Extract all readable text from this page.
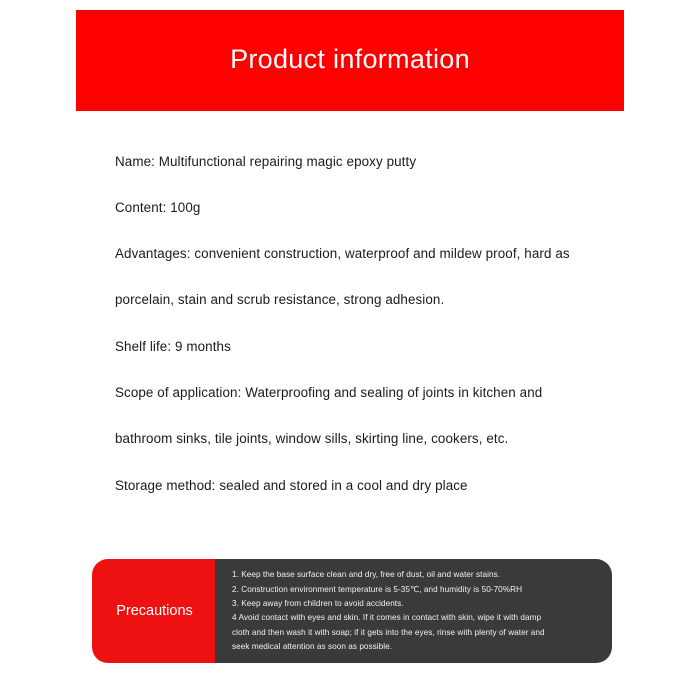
Product information
Name: Multifunctional repairing magic epoxy putty
Content: 100g
Advantages: convenient construction, waterproof and mildew proof, hard as
porcelain, stain and scrub resistance, strong adhesion.
Shelf life: 9 months
Scope of application: Waterproofing and sealing of joints in kitchen and
bathroom sinks, tile joints, window sills, skirting line, cookers, etc.
Storage method: sealed and stored in a cool and dry place
Precautions
1. Keep the base surface clean and dry, free of dust, oil and water stains.
2. Construction environment temperature is 5-35℃, and humidity is 50-70%RH
3. Keep away from children to avoid accidents.
4 Avoid contact with eyes and skin. If it comes in contact with skin, wipe it with damp
cloth and then wash it with soap; if it gets into the eyes, rinse with plenty of water and
seek medical attention as soon as possible.
